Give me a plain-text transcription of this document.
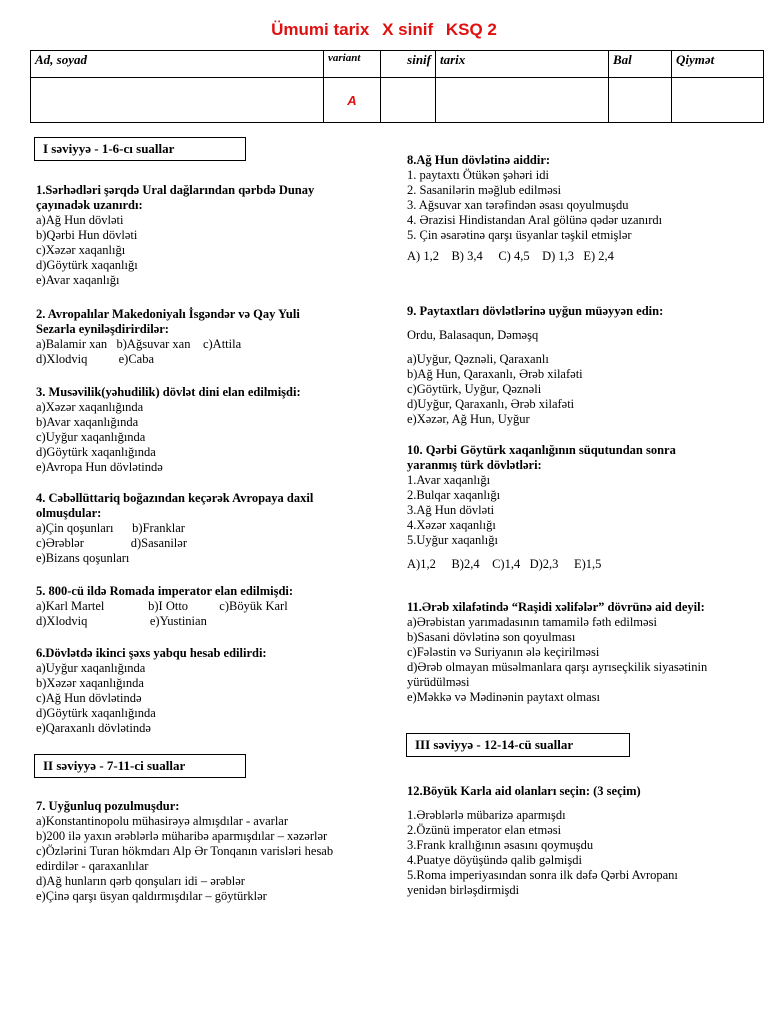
Ümumi tarix X sinif KSQ 2
Ad, soyad	variant	sinif	tarix	Bal	Qiymət
	A				
I səviyyə - 1-6-cı suallar
II səviyyə - 7-11-ci suallar
III səviyyə - 12-14-cü suallar
1.Sərhədləri şərqdə Ural dağlarından qərbdə Dunay
çayınadək uzanırdı:
a)Ağ Hun dövləti
b)Qərbi Hun dövləti
c)Xəzər xaqanlığı
d)Göytürk xaqanlığı
e)Avar xaqanlığı
2. Avropalılar Makedoniyalı İsgəndər və Qay Yuli
Sezarla eyniləşdirirdilər:
a)Balamir xan   b)Ağsuvar xan    c)Attila
d)Xlodviq          e)Caba
3. Musəvilik(yəhudilik) dövlət dini elan edilmişdi:
a)Xəzər xaqanlığında
b)Avar xaqanlığında
c)Uyğur xaqanlığında
d)Göytürk xaqanlığında
e)Avropa Hun dövlətində
4. Cəbəllüttariq boğazından keçərək Avropaya daxil
olmuşdular:
a)Çin qoşunları      b)Franklar
c)Ərəblər               d)Sasanilər
e)Bizans qoşunları
5. 800-cü ildə Romada imperator elan edilmişdi:
a)Karl Martel              b)I Otto          c)Böyük Karl
d)Xlodviq                    e)Yustinian
6.Dövlətdə ikinci şəxs yabqu hesab edilirdi:
a)Uyğur xaqanlığında
b)Xəzər xaqanlığında
c)Ağ Hun dövlətində
d)Göytürk xaqanlığında
e)Qaraxanlı dövlətində
7. Uyğunluq pozulmuşdur:
a)Konstantinopolu mühasirəyə almışdılar - avarlar
b)200 ilə yaxın ərəblərlə müharibə aparmışdılar – xəzərlər
c)Özlərini Turan hökmdarı Alp Ər Tonqanın varisləri hesab
edirdilər - qaraxanlılar
d)Ağ hunların qərb qonşuları idi – ərəblər
e)Çinə qarşı üsyan qaldırmışdılar – göytürklər
8.Ağ Hun dövlətinə aiddir:
1. paytaxtı Ötükən şəhəri idi
2. Sasanilərin məğlub edilməsi
3. Ağsuvar xan tərəfindən əsası qoyulmuşdu
4. Ərazisi Hindistandan Aral gölünə qədər uzanırdı
5. Çin əsarətinə qarşı üsyanlar təşkil etmişlər
A) 1,2    B) 3,4     C) 4,5    D) 1,3   E) 2,4
9. Paytaxtları dövlətlərinə uyğun müəyyən edin:
Ordu, Balasaqun, Dəməşq
a)Uyğur, Qəznəli, Qaraxanlı
b)Ağ Hun, Qaraxanlı, Ərəb xilafəti
c)Göytürk, Uyğur, Qəznəli
d)Uyğur, Qaraxanlı, Ərəb xilafəti
e)Xəzər, Ağ Hun, Uyğur
10. Qərbi Göytürk xaqanlığının süqutundan sonra
yaranmış türk dövlətləri:
1.Avar xaqanlığı
2.Bulqar xaqanlığı
3.Ağ Hun dövləti
4.Xəzər xaqanlığı
5.Uyğur xaqanlığı
A)1,2     B)2,4    C)1,4   D)2,3     E)1,5
11.Ərəb xilafətində “Raşidi xəlifələr” dövrünə aid deyil:
a)Ərəbistan yarımadasının tamamilə fəth edilməsi
b)Sasani dövlətinə son qoyulması
c)Fələstin və Suriyanın ələ keçirilməsi
d)Ərəb olmayan müsəlmanlara qarşı ayrıseçkilik siyasətinin
yürüdülməsi
e)Məkkə və Mədinənin paytaxt olması
12.Böyük Karla aid olanları seçin: (3 seçim)
1.Ərəblərlə mübarizə aparmışdı
2.Özünü imperator elan etməsi
3.Frank krallığının əsasını qoymuşdu
4.Puatye döyüşündə qalib gəlmişdi
5.Roma imperiyasından sonra ilk dəfə Qərbi Avropanı
yenidən birləşdirmişdi
